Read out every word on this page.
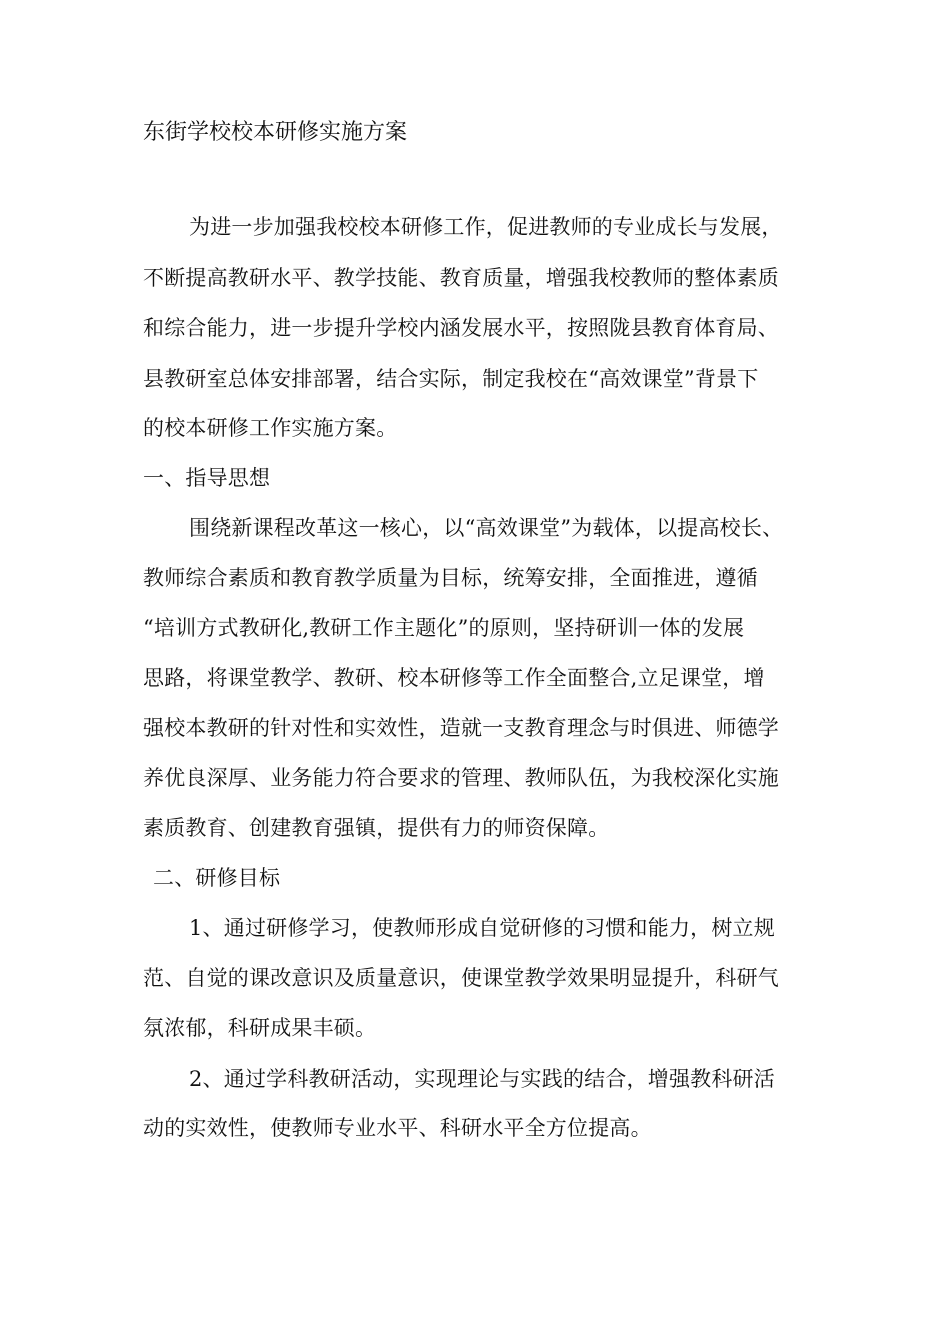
东街学校校本研修实施方案
为进一步加强我校校本研修工作，促进教师的专业成长与发展，
不断提高教研水平、教学技能、教育质量，增强我校教师的整体素质
和综合能力，进一步提升学校内涵发展水平，按照陇县教育体育局、
县教研室总体安排部署，结合实际，制定我校在“高效课堂”背景下
的校本研修工作实施方案。
一、指导思想
围绕新课程改革这一核心，以“高效课堂”为载体，以提高校长、
教师综合素质和教育教学质量为目标，统筹安排，全面推进，遵循
“培训方式教研化,教研工作主题化”的原则，坚持研训一体的发展
思路，将课堂教学、教研、校本研修等工作全面整合,立足课堂，增
强校本教研的针对性和实效性，造就一支教育理念与时俱进、师德学
养优良深厚、业务能力符合要求的管理、教师队伍，为我校深化实施
素质教育、创建教育强镇，提供有力的师资保障。
二、研修目标
1、通过研修学习，使教师形成自觉研修的习惯和能力，树立规
范、自觉的课改意识及质量意识，使课堂教学效果明显提升，科研气
氛浓郁，科研成果丰硕。
2、通过学科教研活动，实现理论与实践的结合，增强教科研活
动的实效性，使教师专业水平、科研水平全方位提高。
